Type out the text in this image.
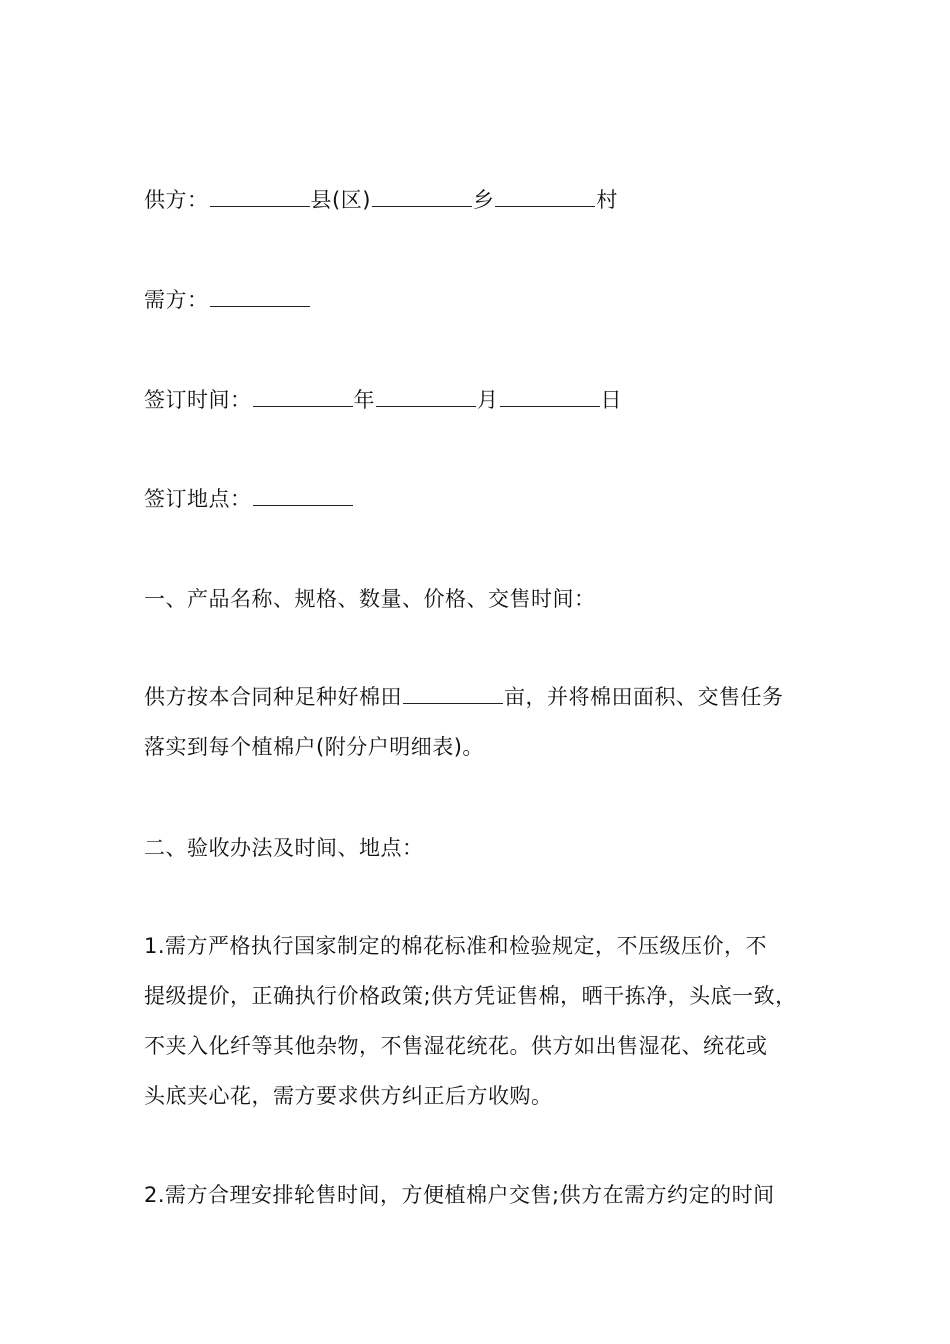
供方：	县(区)	乡	村
需方：
签订时间：	年	月	日
签订地点：
一、产品名称、规格、数量、价格、交售时间：
供方按本合同种足种好棉田	亩，并将棉田面积、交售任务
落实到每个植棉户(附分户明细表)。
二、验收办法及时间、地点：
1.需方严格执行国家制定的棉花标准和检验规定，不压级压价，不
提级提价，正确执行价格政策;供方凭证售棉，晒干拣净，头底一致，
不夹入化纤等其他杂物，不售湿花统花。供方如出售湿花、统花或
头底夹心花，需方要求供方纠正后方收购。
2.需方合理安排轮售时间，方便植棉户交售;供方在需方约定的时间
